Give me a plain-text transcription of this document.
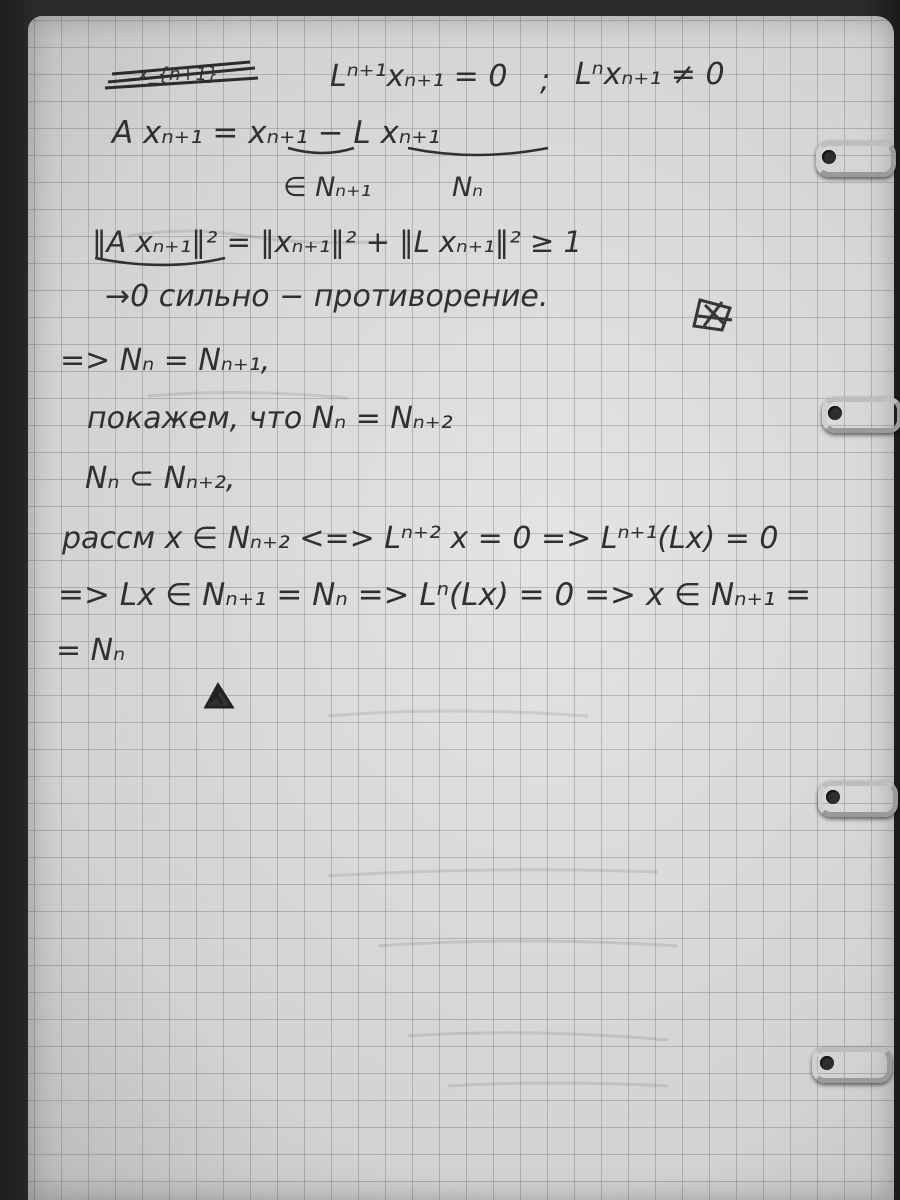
x_{n+1}	Lⁿ⁺¹xₙ₊₁ = 0 ; Lⁿxₙ₊₁ ≠ 0
A xₙ₊₁ = xₙ₊₁ − L xₙ₊₁
∈ Nₙ₊₁	Nₙ
‖A xₙ₊₁‖² = ‖xₙ₊₁‖² + ‖L xₙ₊₁‖² ≥ 1
→0 сильно − противорение.
=> Nₙ = Nₙ₊₁,
покажем, что Nₙ = Nₙ₊₂
Nₙ ⊂ Nₙ₊₂,
рассм x ∈ Nₙ₊₂ <=> Lⁿ⁺² x = 0 => Lⁿ⁺¹(Lx) = 0
=> Lx ∈ Nₙ₊₁ = Nₙ => Lⁿ(Lx) = 0 => x ∈ Nₙ₊₁ =
= Nₙ
